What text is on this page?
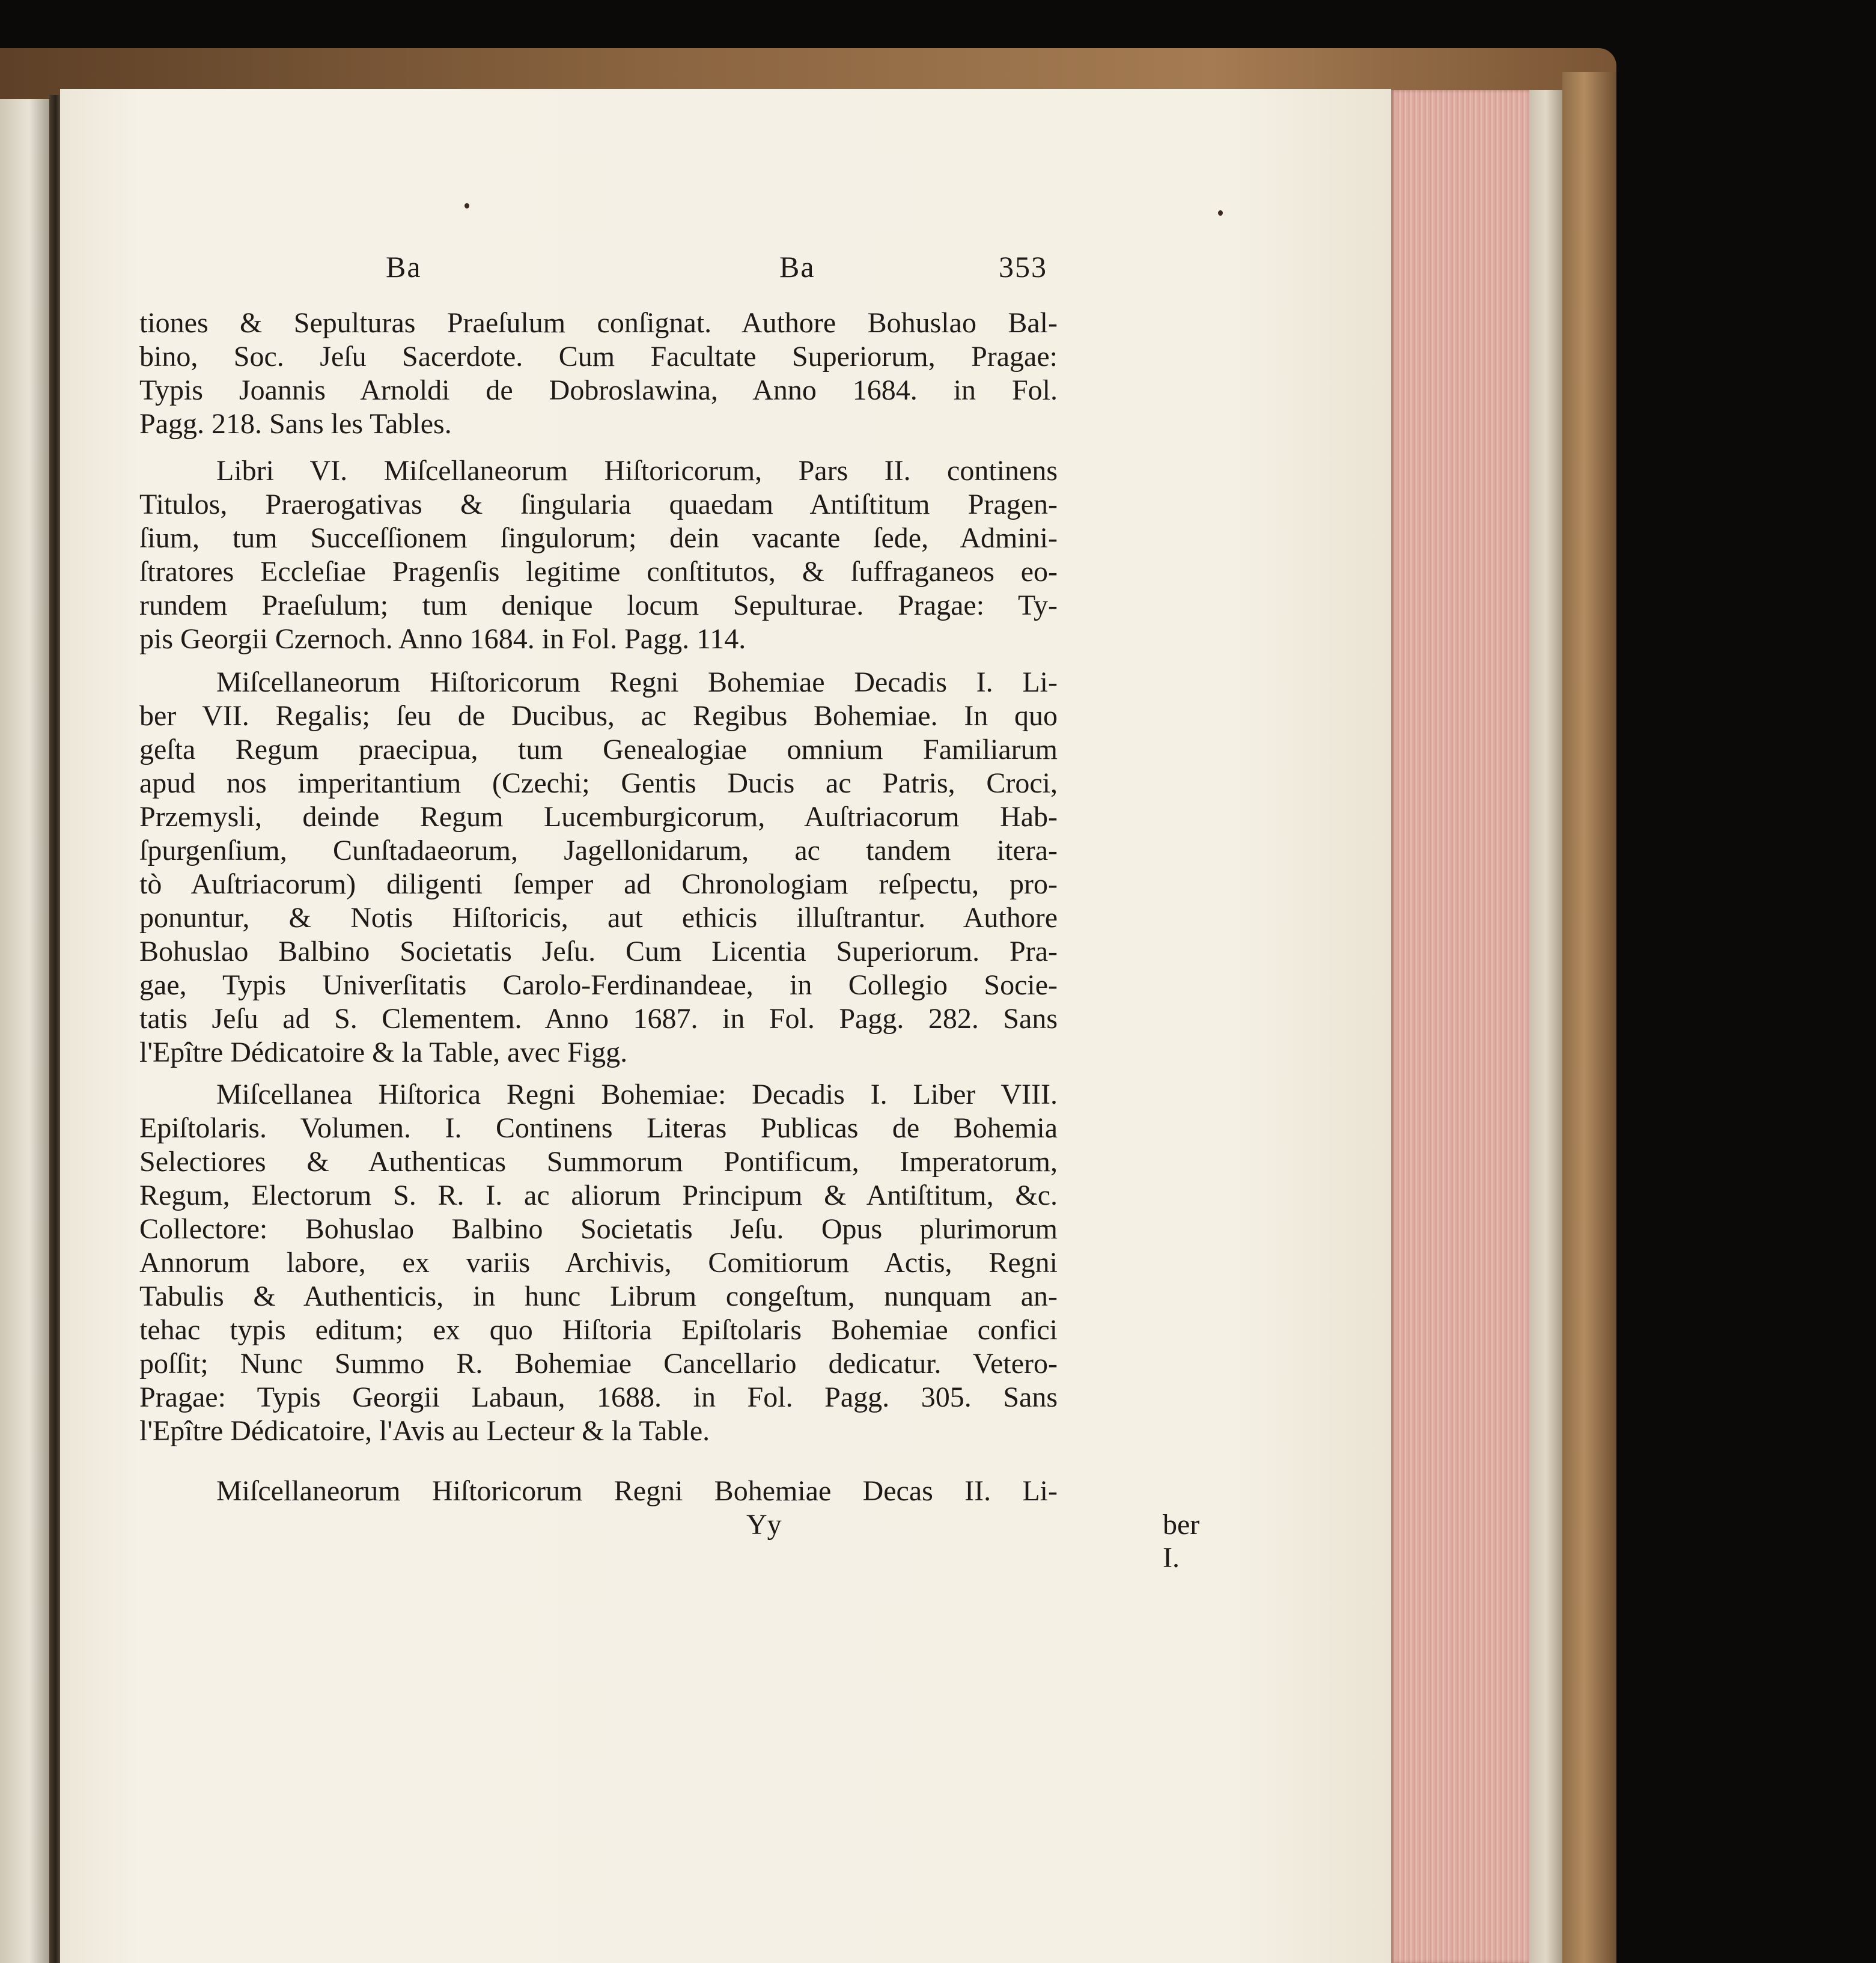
Ba	Ba	353
tiones & Sepulturas Praeſulum conſignat. Authore Bohuslao Bal-
bino, Soc. Jeſu Sacerdote. Cum Facultate Superiorum, Pragae:
Typis Joannis Arnoldi de Dobroslawina, Anno 1684. in Fol.
Pagg. 218. Sans les Tables.
Libri VI. Miſcellaneorum Hiſtoricorum, Pars II. continens
Titulos, Praerogativas & ſingularia quaedam Antiſtitum Pragen-
ſium, tum Succeſſionem ſingulorum; dein vacante ſede, Admini-
ſtratores Eccleſiae Pragenſis legitime conſtitutos, & ſuffraganeos eo-
rundem Praeſulum; tum denique locum Sepulturae. Pragae: Ty-
pis Georgii Czernoch. Anno 1684. in Fol. Pagg. 114.
Miſcellaneorum Hiſtoricorum Regni Bohemiae Decadis I. Li-
ber VII. Regalis; ſeu de Ducibus, ac Regibus Bohemiae. In quo
geſta Regum praecipua, tum Genealogiae omnium Familiarum
apud nos imperitantium (Czechi; Gentis Ducis ac Patris, Croci,
Przemysli, deinde Regum Lucemburgicorum, Auſtriacorum Hab-
ſpurgenſium, Cunſtadaeorum, Jagellonidarum, ac tandem itera-
tò Auſtriacorum) diligenti ſemper ad Chronologiam reſpectu, pro-
ponuntur, & Notis Hiſtoricis, aut ethicis illuſtrantur. Authore
Bohuslao Balbino Societatis Jeſu. Cum Licentia Superiorum. Pra-
gae, Typis Univerſitatis Carolo-Ferdinandeae, in Collegio Socie-
tatis Jeſu ad S. Clementem. Anno 1687. in Fol. Pagg. 282. Sans
l'Epître Dédicatoire & la Table, avec Figg.
Miſcellanea Hiſtorica Regni Bohemiae: Decadis I. Liber VIII.
Epiſtolaris. Volumen. I. Continens Literas Publicas de Bohemia
Selectiores & Authenticas Summorum Pontificum, Imperatorum,
Regum, Electorum S. R. I. ac aliorum Principum & Antiſtitum, &c.
Collectore: Bohuslao Balbino Societatis Jeſu. Opus plurimorum
Annorum labore, ex variis Archivis, Comitiorum Actis, Regni
Tabulis & Authenticis, in hunc Librum congeſtum, nunquam an-
tehac typis editum; ex quo Hiſtoria Epiſtolaris Bohemiae confici
poſſit; Nunc Summo R. Bohemiae Cancellario dedicatur. Vetero-
Pragae: Typis Georgii Labaun, 1688. in Fol. Pagg. 305. Sans
l'Epître Dédicatoire, l'Avis au Lecteur & la Table.
Miſcellaneorum Hiſtoricorum Regni Bohemiae Decas II. Li-
Yy	ber I.
